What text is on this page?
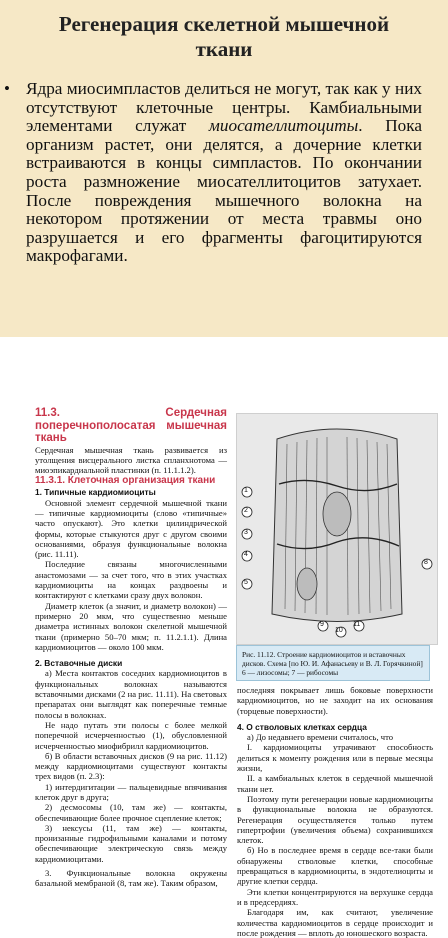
Регенерация скелетной мышечной
ткани
• Ядра миосимпластов делиться не могут, так как у них отсутствуют клеточные центры. Камбиальными элементами служат миосателлитоциты. Пока организм растет, они делятся, а дочерние клетки встраиваются в концы симпластов. По окончании роста размножение миосателлитоцитов затухает. После повреждения мышечного волокна на некотором протяжении от места травмы оно разрушается и его фрагменты фагоцитируются макрофагами.

11.3. Сердечная поперечнополосатая мышечная ткань

Сердечная мышечная ткань развивается из утолщения висцерального листка спланхнотома — миоэпикардиальной пластинки (п. 11.1.1.2).

11.3.1. Клеточная организация ткани

1. Типичные кардиомиоциты

Основной элемент сердечной мышечной ткани — типичные кардиомиоциты (слово «типичные» часто опускают). Это клетки цилиндрической формы, которые стыкуются друг с другом своими основаниями, образуя функциональные волокна (рис. 11.11).

Последние связаны многочисленными анастомозами — за счет того, что в этих участках кардиомиоциты на концах раздвоены и контактируют с клетками сразу двух волокон.

Диаметр клеток (а значит, и диаметр волокон) — примерно 20 мкм, что существенно меньше диаметра истинных волокон скелетной мышечной ткани (примерно 50–70 мкм; п. 11.2.1.1). Длина кардиомиоцитов — около 100 мкм.

2. Вставочные диски

а) Места контактов соседних кардиомиоцитов в функциональных волокнах называются вставочными дисками (2 на рис. 11.11). На световых препаратах они выглядят как поперечные темные полосы в волокнах.

Не надо путать эти полосы с более мелкой поперечной исчерченностью (1), обусловленной исчерченностью миофибрилл кардиомиоцитов.

б) В области вставочных дисков (9 на рис. 11.12) между кардиомиоцитами существуют контакты трех видов (п. 2.3):

1) интердигитации — пальцевидные впячивания клеток друг в друга;

2) десмосомы (10, там же) — контакты, обеспечивающие более прочное сцепление клеток;

3) нексусы (11, там же) — контакты, пронизанные гидрофильными каналами и потому обеспечивающие электрическую связь между кардиомиоцитами.

3. Функциональные волокна окружены базальной мембраной (8, там же). Таким образом,

1
2
3
4
5
8
9
10
11
Рис. 11.12. Строение кардиомиоцитов и вставочных дисков. Схема [по Ю. И. Афанасьеву и В. Л. Горячкиной] 6 — лизосомы; 7 — рибосомы

последняя покрывает лишь боковые поверхности кардиомиоцитов, но не заходит на их основания (торцевые поверхности).

4. О стволовых клетках сердца

а) До недавнего времени считалось, что

I. кардиомиоциты утрачивают способность делиться к моменту рождения или в первые месяцы жизни,

II. а камбиальных клеток в сердечной мышечной ткани нет.

Поэтому пути регенерации новые кардиомиоциты в функциональные волокна не образуются. Регенерация осуществляется только путем гипертрофии (увеличения объема) сохранившихся клеток.

б) Но в последнее время в сердце все-таки были обнаружены стволовые клетки, способные превращаться в кардиомиоциты, в эндотелиоциты и другие клетки сердца.

Эти клетки концентрируются на верхушке сердца и в предсердиях.

Благодаря им, как считают, увеличение количества кардиомиоцитов в сердце происходит и после рождения — вплоть до юношеского возраста.
